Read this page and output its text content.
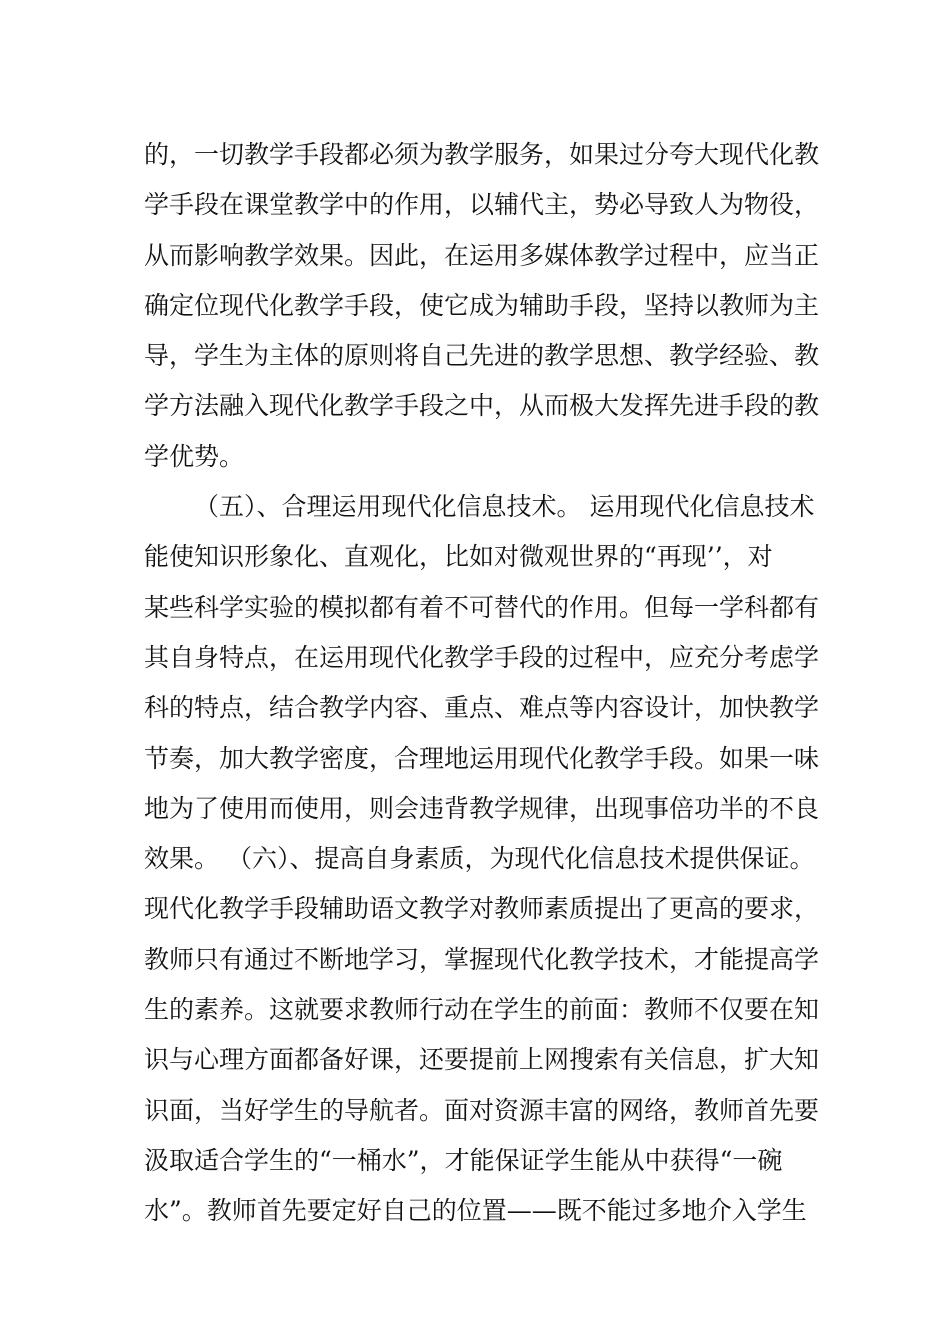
的，一切教学手段都必须为教学服务，如果过分夸大现代化教
学手段在课堂教学中的作用，以辅代主，势必导致人为物役，
从而影响教学效果。因此，在运用多媒体教学过程中，应当正
确定位现代化教学手段，使它成为辅助手段，坚持以教师为主
导，学生为主体的原则将自己先进的教学思想、教学经验、教
学方法融入现代化教学手段之中，从而极大发挥先进手段的教
学优势。
（五）、合理运用现代化信息技术。 运用现代化信息技术
能使知识形象化、直观化，比如对微观世界的“再现’’，对
某些科学实验的模拟都有着不可替代的作用。但每一学科都有
其自身特点，在运用现代化教学手段的过程中，应充分考虑学
科的特点，结合教学内容、重点、难点等内容设计，加快教学
节奏，加大教学密度，合理地运用现代化教学手段。如果一味
地为了使用而使用，则会违背教学规律，出现事倍功半的不良
效果。 （六）、提高自身素质，为现代化信息技术提供保证。
现代化教学手段辅助语文教学对教师素质提出了更高的要求，
教师只有通过不断地学习，掌握现代化教学技术，才能提高学
生的素养。这就要求教师行动在学生的前面：教师不仅要在知
识与心理方面都备好课，还要提前上网搜索有关信息，扩大知
识面，当好学生的导航者。面对资源丰富的网络，教师首先要
汲取适合学生的“一桶水”，才能保证学生能从中获得“一碗
水”。教师首先要定好自己的位置——既不能过多地介入学生
